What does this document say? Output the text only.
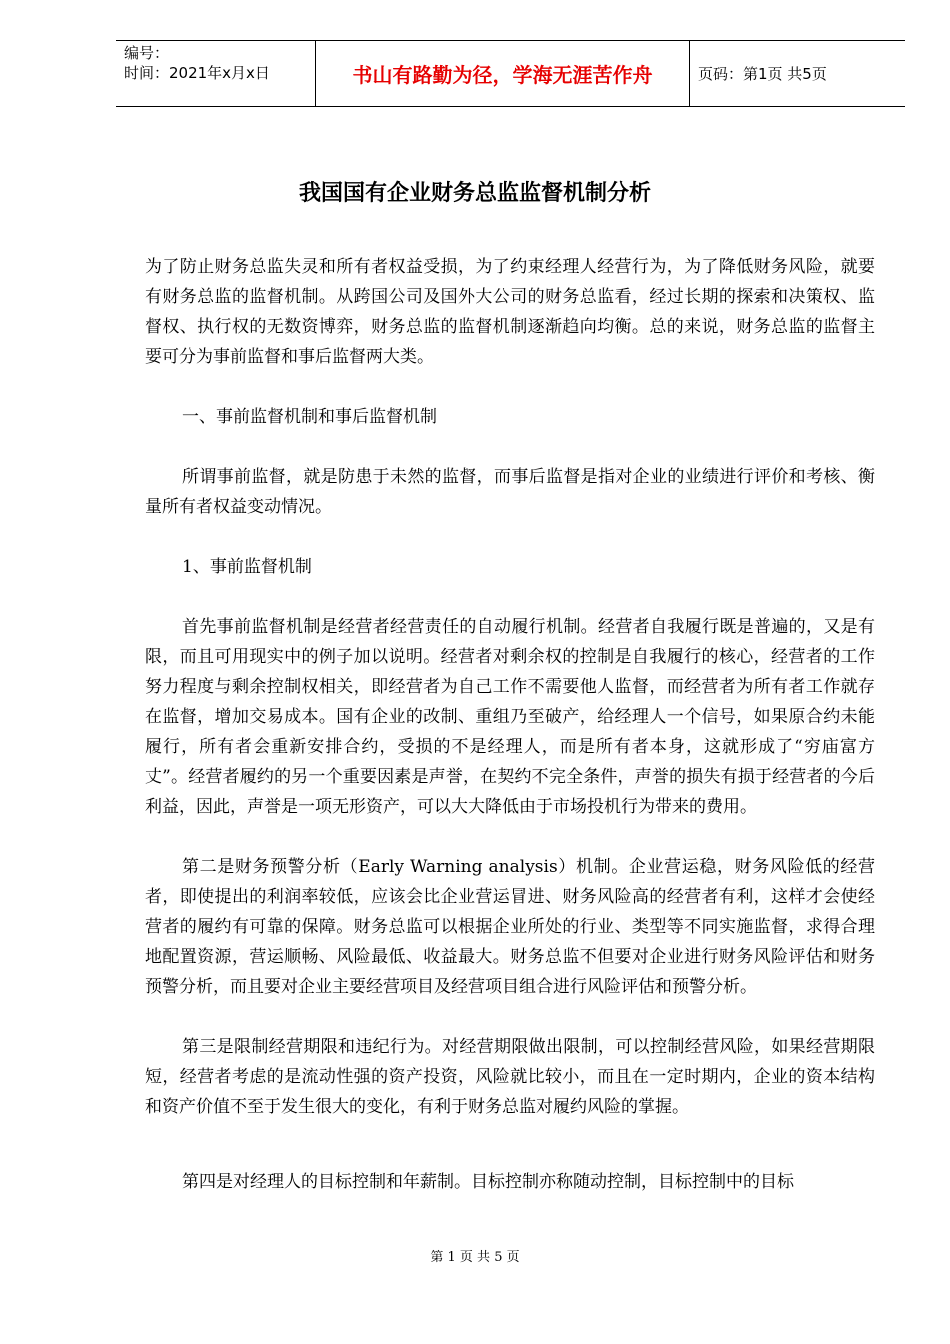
编号：
时间：2021年x月x日	书山有路勤为径，学海无涯苦作舟	页码：第1页 共5页
我国国有企业财务总监监督机制分析

为了防止财务总监失灵和所有者权益受损，为了约束经理人经营行为，为了降低财务风险，就要有财务总监的监督机制。从跨国公司及国外大公司的财务总监看，经过长期的探索和决策权、监督权、执行权的无数资博弈，财务总监的监督机制逐渐趋向均衡。总的来说，财务总监的监督主要可分为事前监督和事后监督两大类。

一、事前监督机制和事后监督机制

所谓事前监督，就是防患于未然的监督，而事后监督是指对企业的业绩进行评价和考核、衡量所有者权益变动情况。

1、事前监督机制

首先事前监督机制是经营者经营责任的自动履行机制。经营者自我履行既是普遍的，又是有限，而且可用现实中的例子加以说明。经营者对剩余权的控制是自我履行的核心，经营者的工作努力程度与剩余控制权相关，即经营者为自己工作不需要他人监督，而经营者为所有者工作就存在监督，增加交易成本。国有企业的改制、重组乃至破产，给经理人一个信号，如果原合约未能履行，所有者会重新安排合约，受损的不是经理人，而是所有者本身，这就形成了“穷庙富方丈”。经营者履约的另一个重要因素是声誉，在契约不完全条件，声誉的损失有损于经营者的今后利益，因此，声誉是一项无形资产，可以大大降低由于市场投机行为带来的费用。

第二是财务预警分析（Early Warning analysis）机制。企业营运稳，财务风险低的经营者，即使提出的利润率较低，应该会比企业营运冒进、财务风险高的经营者有利，这样才会使经营者的履约有可靠的保障。财务总监可以根据企业所处的行业、类型等不同实施监督，求得合理地配置资源，营运顺畅、风险最低、收益最大。财务总监不但要对企业进行财务风险评估和财务预警分析，而且要对企业主要经营项目及经营项目组合进行风险评估和预警分析。

第三是限制经营期限和违纪行为。对经营期限做出限制，可以控制经营风险，如果经营期限短，经营者考虑的是流动性强的资产投资，风险就比较小，而且在一定时期内，企业的资本结构和资产价值不至于发生很大的变化，有利于财务总监对履约风险的掌握。

第四是对经理人的目标控制和年薪制。目标控制亦称随动控制，目标控制中的目标

第 1 页 共 5 页
